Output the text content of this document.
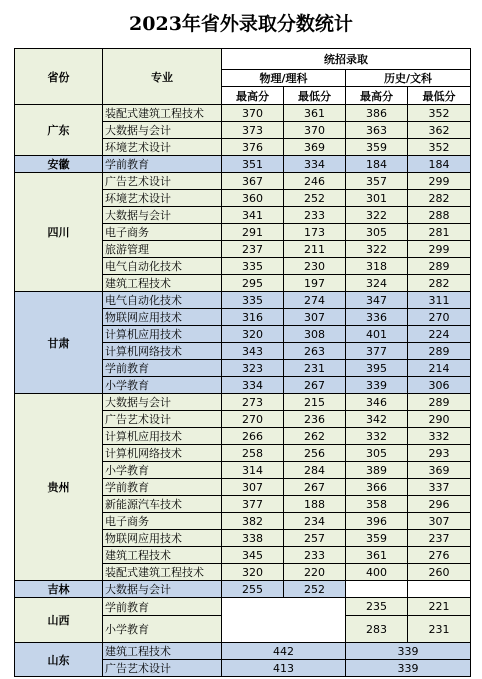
2023年省外录取分数统计
省份	专业	统招录取			
		物理/理科		历史/文科	
		最高分	最低分	最高分	最低分
广东	装配式建筑工程技术	370	361	386	352
	大数据与会计	373	370	363	362
	环境艺术设计	376	369	359	352
安徽	学前教育	351	334	184	184
四川	广告艺术设计	367	246	357	299
	环境艺术设计	360	252	301	282
	大数据与会计	341	233	322	288
	电子商务	291	173	305	281
	旅游管理	237	211	322	299
	电气自动化技术	335	230	318	289
	建筑工程技术	295	197	324	282
甘肃	电气自动化技术	335	274	347	311
	物联网应用技术	316	307	336	270
	计算机应用技术	320	308	401	224
	计算机网络技术	343	263	377	289
	学前教育	323	231	395	214
	小学教育	334	267	339	306
贵州	大数据与会计	273	215	346	289
	广告艺术设计	270	236	342	290
	计算机应用技术	266	262	332	332
	计算机网络技术	258	256	305	293
	小学教育	314	284	389	369
	学前教育	307	267	366	337
	新能源汽车技术	377	188	358	296
	电子商务	382	234	396	307
	物联网应用技术	338	257	359	237
	建筑工程技术	345	233	361	276
	装配式建筑工程技术	320	220	400	260
吉林	大数据与会计	255	252		
山西	学前教育			235	221
	小学教育			283	231
山东	建筑工程技术	442		339	
	广告艺术设计	413		339	
